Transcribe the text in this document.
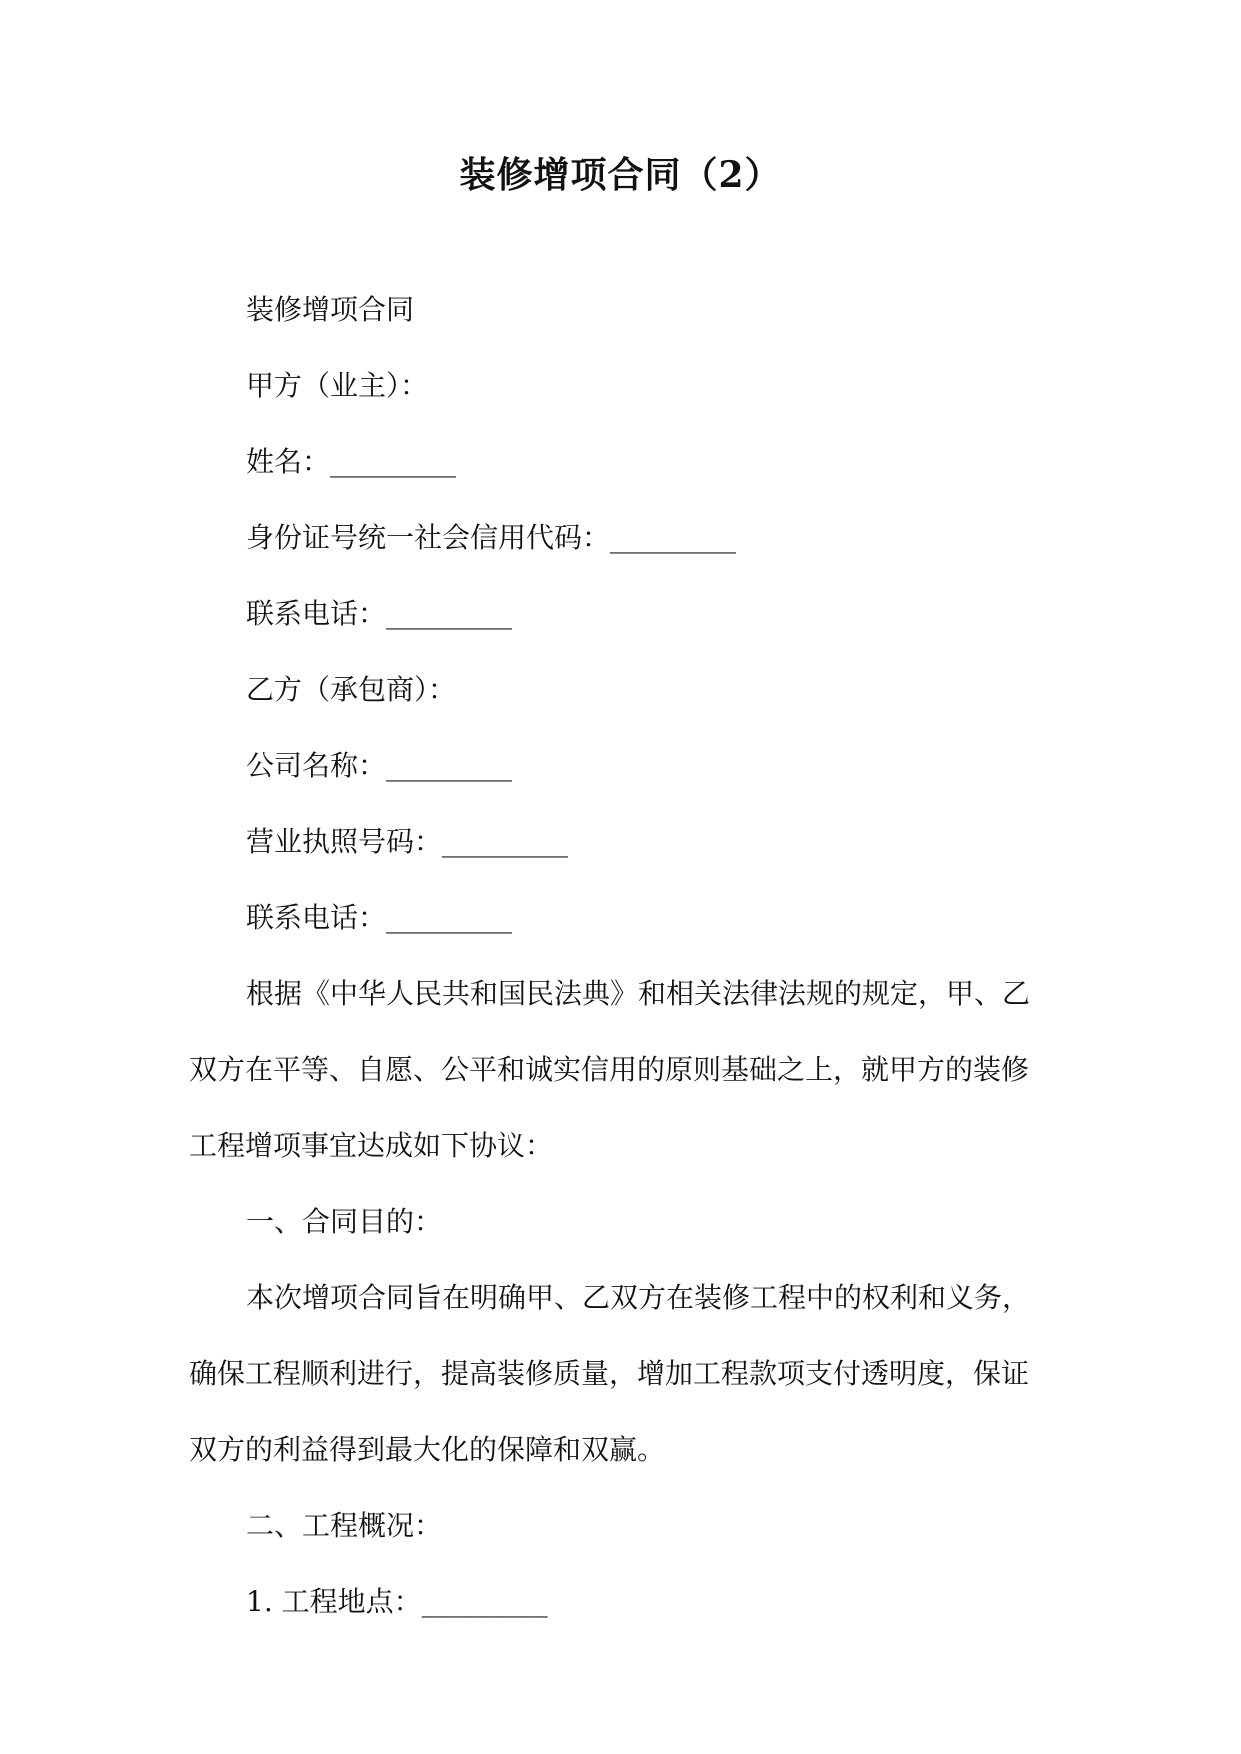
装修增项合同（2）

装修增项合同

甲方（业主）：

姓名：_________

身份证号统一社会信用代码：_________

联系电话：_________

乙方（承包商）：

公司名称：_________

营业执照号码：_________

联系电话：_________

根据《中华人民共和国民法典》和相关法律法规的规定，甲、乙双方在平等、自愿、公平和诚实信用的原则基础之上，就甲方的装修工程增项事宜达成如下协议：

一、合同目的：

本次增项合同旨在明确甲、乙双方在装修工程中的权利和义务，确保工程顺利进行，提高装修质量，增加工程款项支付透明度，保证双方的利益得到最大化的保障和双赢。

二、工程概况：

1. 工程地点：_________
